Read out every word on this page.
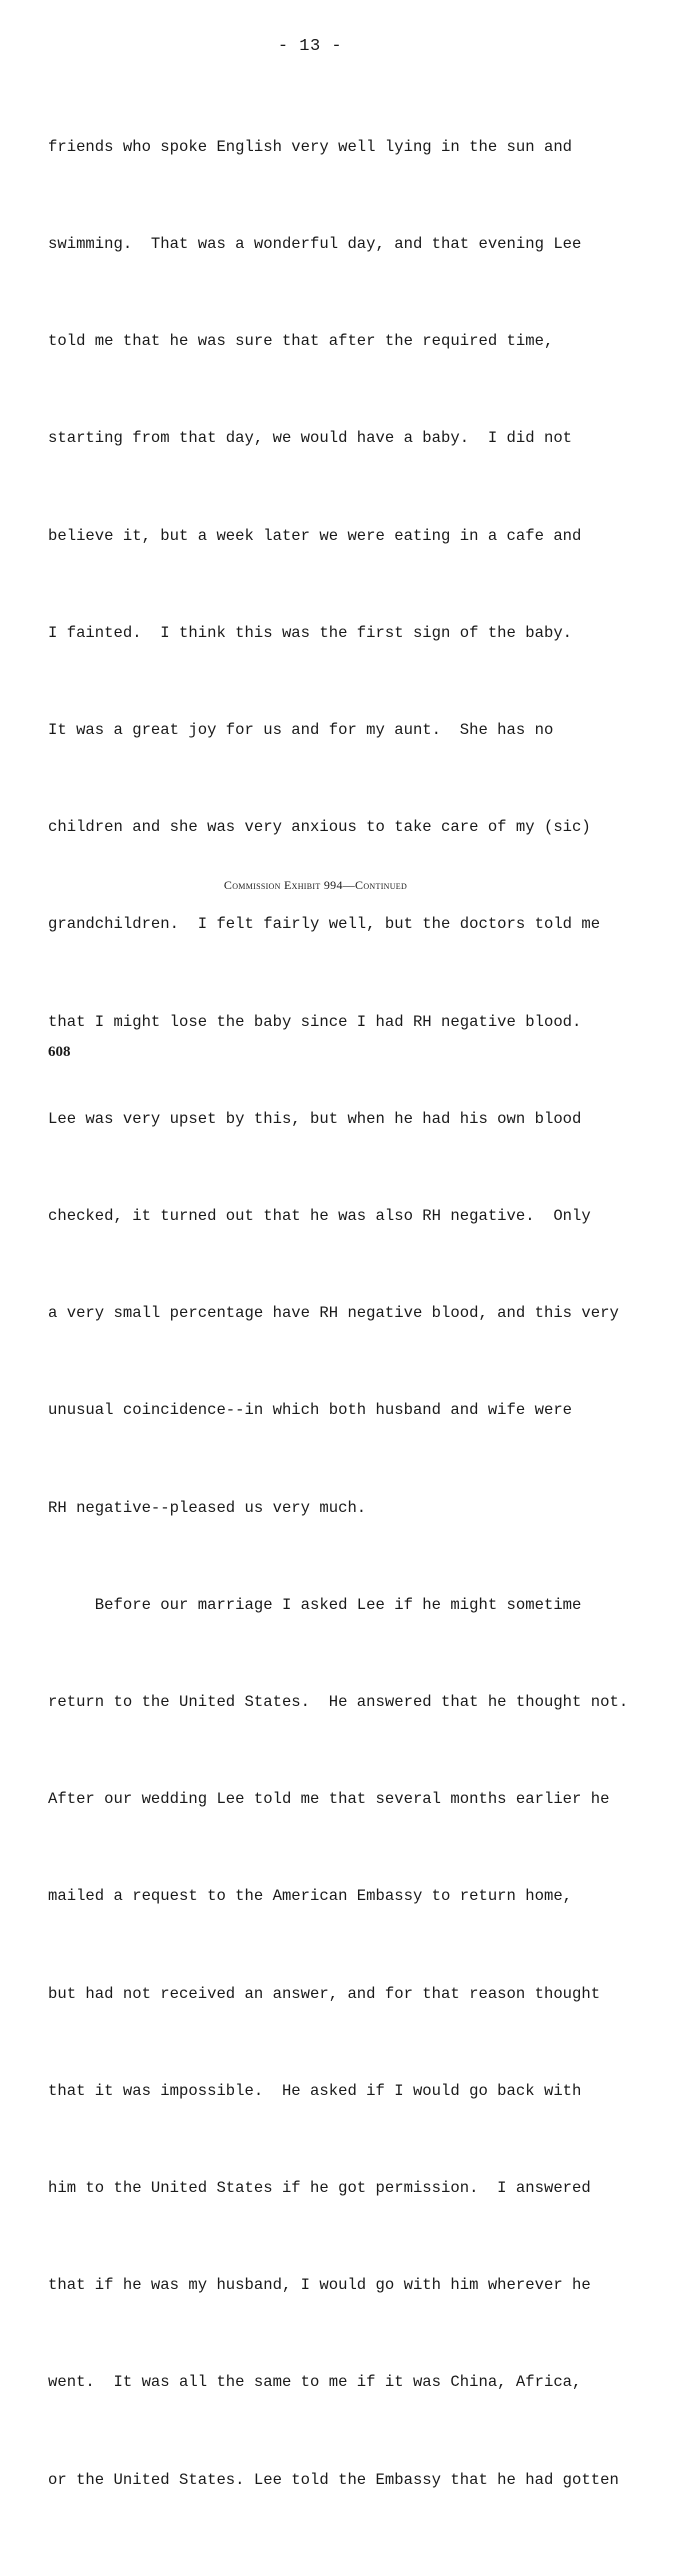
- 13 -

friends who spoke English very well lying in the sun and

swimming.  That was a wonderful day, and that evening Lee

told me that he was sure that after the required time,

starting from that day, we would have a baby.  I did not

believe it, but a week later we were eating in a cafe and

I fainted.  I think this was the first sign of the baby.

It was a great joy for us and for my aunt.  She has no

children and she was very anxious to take care of my (sic)

grandchildren.  I felt fairly well, but the doctors told me

that I might lose the baby since I had RH negative blood.

Lee was very upset by this, but when he had his own blood

checked, it turned out that he was also RH negative.  Only

a very small percentage have RH negative blood, and this very

unusual coincidence--in which both husband and wife were

RH negative--pleased us very much.

Before our marriage I asked Lee if he might sometime

return to the United States.  He answered that he thought not.

After our wedding Lee told me that several months earlier he

mailed a request to the American Embassy to return home,

but had not received an answer, and for that reason thought

that it was impossible.  He asked if I would go back with

him to the United States if he got permission.  I answered

that if he was my husband, I would go with him wherever he

went.  It was all the same to me if it was China, Africa,

or the United States. Lee told the Embassy that he had gotten

Commission Exhibit 994—Continued
608
